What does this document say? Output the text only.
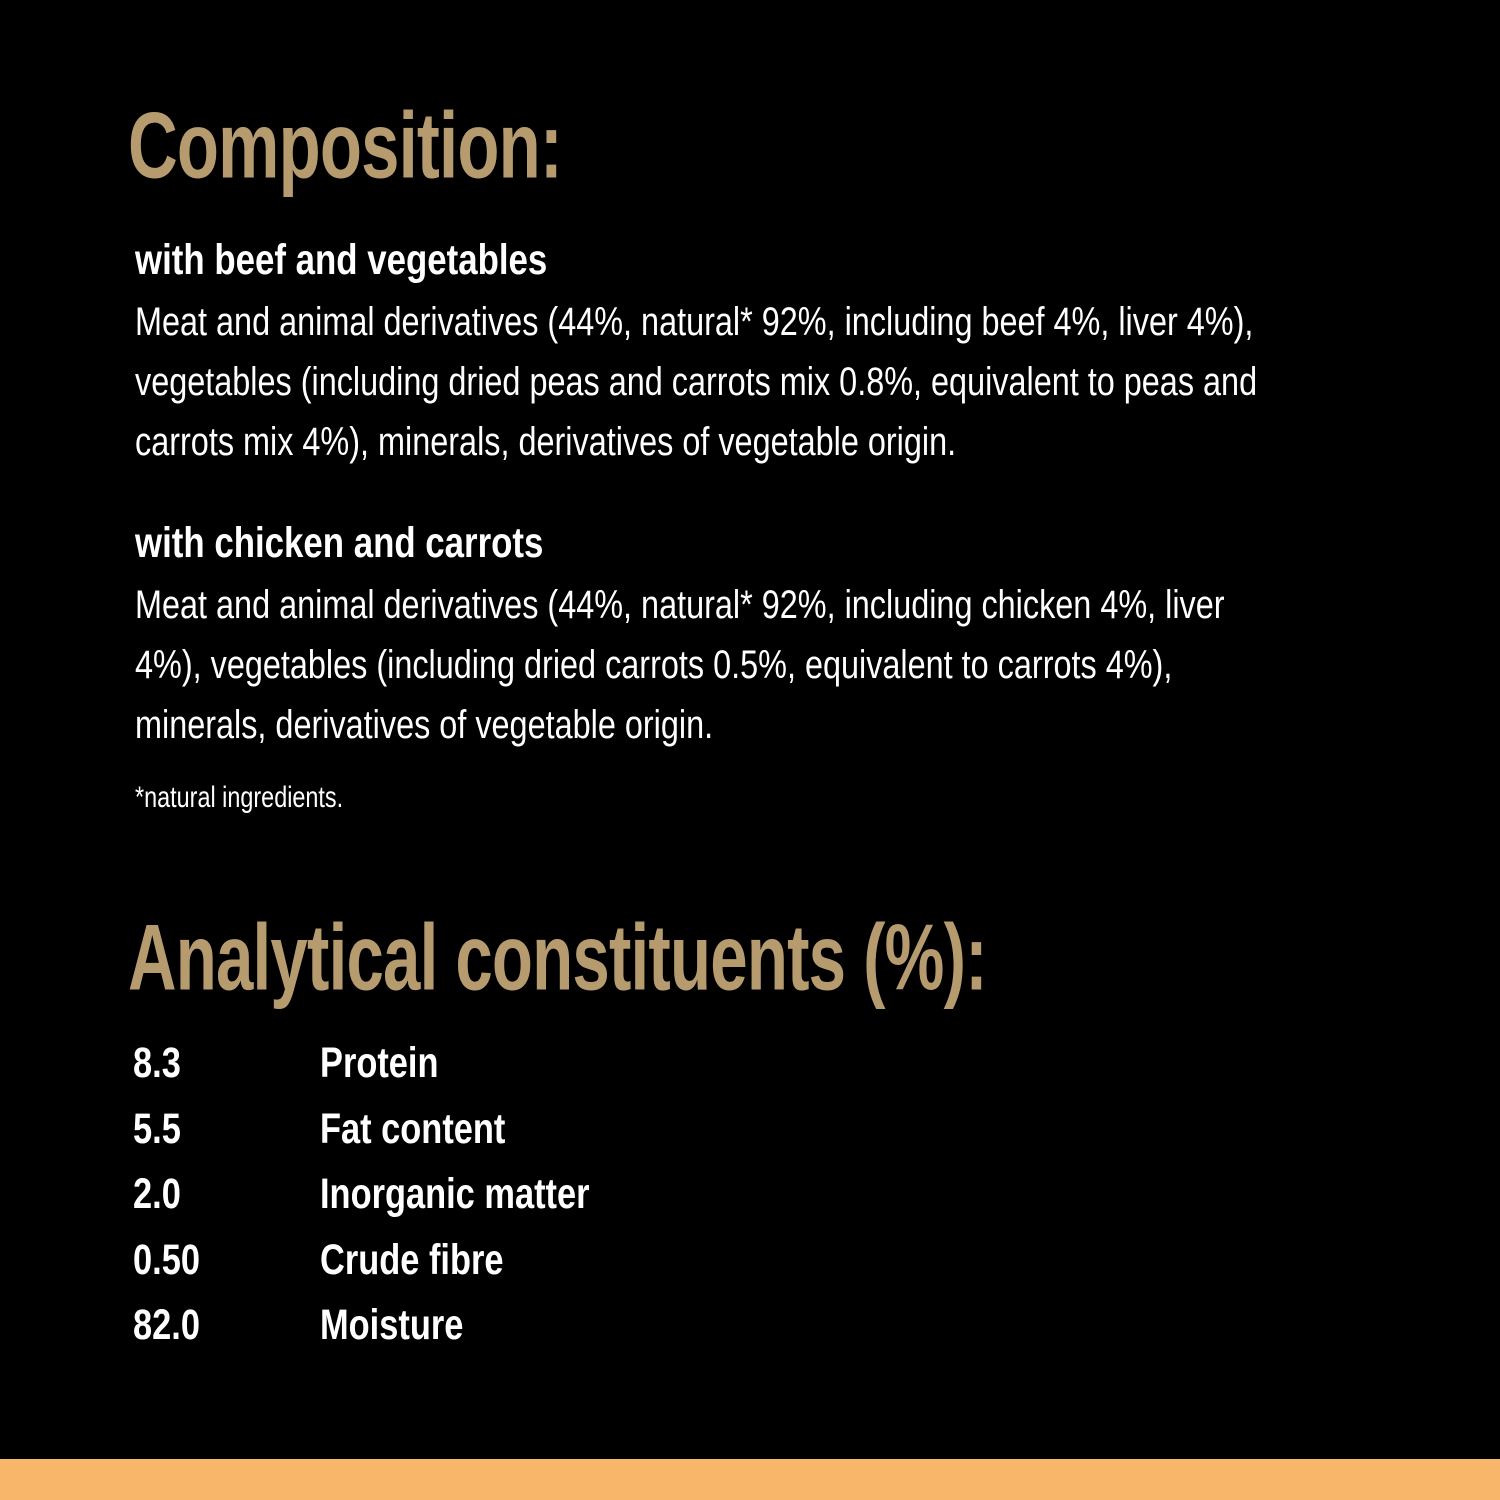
Composition:
with beef and vegetables
Meat and animal derivatives (44%, natural* 92%, including beef 4%, liver 4%),
vegetables (including dried peas and carrots mix 0.8%, equivalent to peas and
carrots mix 4%), minerals, derivatives of vegetable origin.
with chicken and carrots
Meat and animal derivatives (44%, natural* 92%, including chicken 4%, liver
4%), vegetables (including dried carrots 0.5%, equivalent to carrots 4%),
minerals, derivatives of vegetable origin.
*natural ingredients.
Analytical constituents (%):
8.3	Protein
5.5	Fat content
2.0	Inorganic matter
0.50	Crude fibre
82.0	Moisture
